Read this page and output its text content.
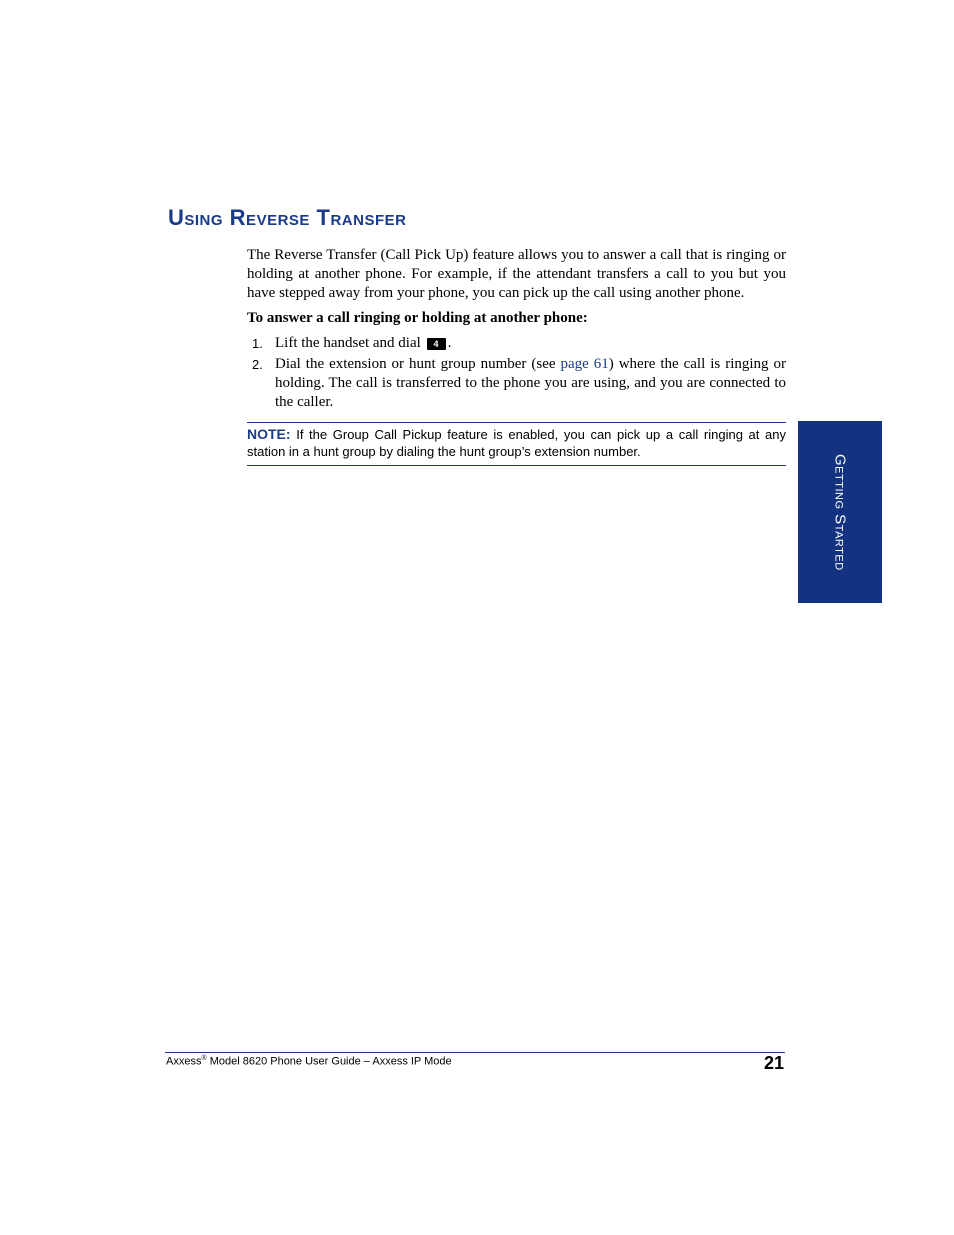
Using Reverse Transfer

The Reverse Transfer (Call Pick Up) feature allows you to answer a call that is ringing or holding at another phone. For example, if the attendant transfers a call to you but you have stepped away from your phone, you can pick up the call using another phone.

To answer a call ringing or holding at another phone:

1. Lift the handset and dial 4 .
2. Dial the extension or hunt group number (see page 61) where the call is ringing or holding. The call is transferred to the phone you are using, and you are connected to the caller.
NOTE: If the Group Call Pickup feature is enabled, you can pick up a call ringing at any station in a hunt group by dialing the hunt group’s extension number.
Getting Started
Axxess® Model 8620 Phone User Guide – Axxess IP Mode	21
